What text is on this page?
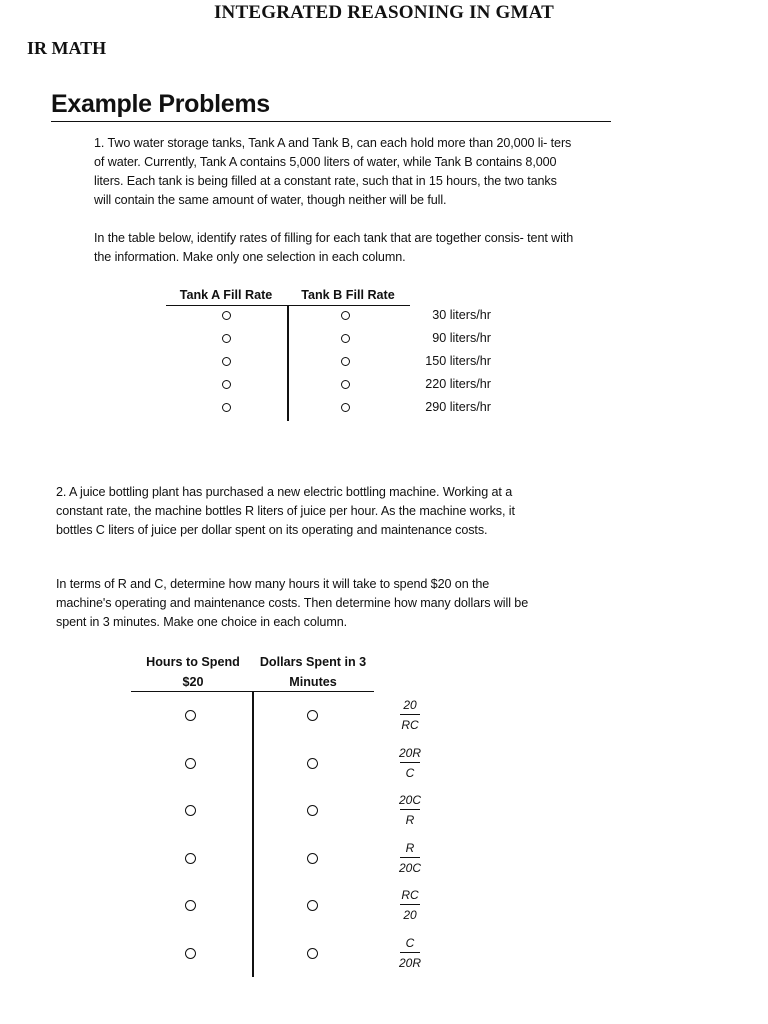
INTEGRATED REASONING IN GMAT
IR MATH
Example Problems
1. Two water storage tanks, Tank A and Tank B, can each hold more than 20,000 li- ters of water. Currently, Tank A contains 5,000 liters of water, while Tank B contains 8,000 liters. Each tank is being filled at a constant rate, such that in 15 hours, the two tanks will contain the same amount of water, though neither will be full.
In the table below, identify rates of filling for each tank that are together consis- tent with the information. Make only one selection in each column.
Tank A Fill Rate	Tank B Fill Rate
30 liters/hr
90 liters/hr
150 liters/hr
220 liters/hr
290 liters/hr
2. A juice bottling plant has purchased a new electric bottling machine. Working at a constant rate, the machine bottles R liters of juice per hour. As the machine works, it bottles C liters of juice per dollar spent on its operating and maintenance costs.
In terms of R and C, determine how many hours it will take to spend $20 on the machine's operating and maintenance costs. Then determine how many dollars will be spent in 3 minutes. Make one choice in each column.
Hours to Spend
$20
Dollars Spent in 3
Minutes
20
RC
20R
C
20C
R
R
20C
RC
20
C
20R
